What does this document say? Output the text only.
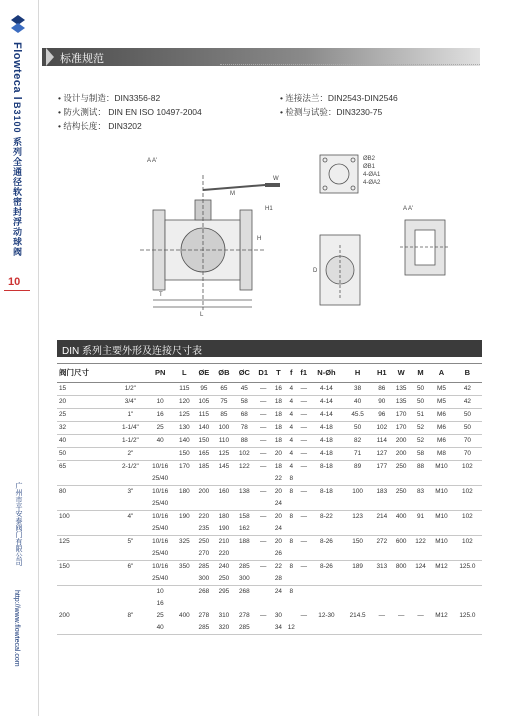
Flowteca l
B3100 系列全通径软密封浮动球阀
10
广州市平安泰阀门有限公司
http://www.flowtecal.com
标准规范
• 设计与制造：DIN3356-82
• 防火测试： DIN EN ISO 10497-2004
• 结构长度： DIN3202
• 连接法兰：DIN2543-DIN2546
• 检测与试验：DIN3230-75
A A'
A A'
ØB2
ØB1
4-ØA1
4-ØA2
H
H1
D
T
L
W
M
DIN 系列主要外形及连接尺寸表
阀门尺寸		PN	L	ØE	ØB	ØC	D1	T	f	f1	N-Øh	H	H1	W	M	A	B
15	1/2"		115	95	65	45	—	16	4	—	4-14	38	86	135	50	M5	42
20	3/4"	10	120	105	75	58	—	18	4	—	4-14	40	90	135	50	M5	42
25	1"	16	125	115	85	68	—	18	4	—	4-14	45.5	96	170	51	M6	50
32	1-1/4"	25	130	140	100	78	—	18	4	—	4-18	50	102	170	52	M6	50
40	1-1/2"	40	140	150	110	88	—	18	4	—	4-18	82	114	200	52	M6	70
50	2"		150	165	125	102	—	20	4	—	4-18	71	127	200	58	M8	70
65	2-1/2"	10/16	170	185	145	122	—	18	4	—	8-18	89	177	250	88	M10	102
		25/40						22	8								
80	3"	10/16	180	200	160	138	—	20	8	—	8-18	100	183	250	83	M10	102
		25/40						24									
100	4"	10/16	190	220	180	158	—	20	8	—	8-22	123	214	400	91	M10	102
		25/40		235	190	162		24									
125	5"	10/16	325	250	210	188	—	20	8	—	8-26	150	272	600	122	M10	102
		25/40		270	220			26									
150	6"	10/16	350	285	240	285	—	22	8	—	8-26	189	313	800	124	M12	125.0
		25/40		300	250	300		28									
		10		268	295	268		24	8								
		16															
200	8"	25	400	278	310	278	—	30		—	12-30	214.5	—	—	—	M12	125.0
		40		285	320	285		34	12								
